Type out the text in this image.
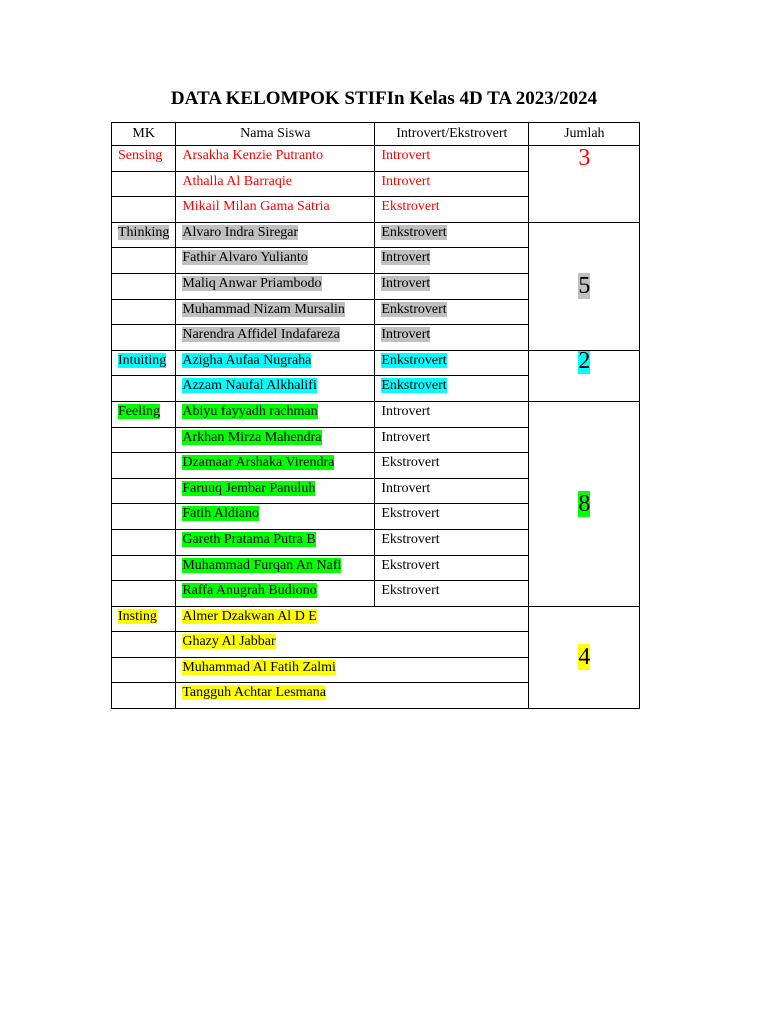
DATA KELOMPOK STIFIn Kelas 4D TA 2023/2024
MK	Nama Siswa	Introvert/Ekstrovert	Jumlah
Sensing	Arsakha Kenzie Putranto	Introvert	3
	Athalla Al Barraqie	Introvert	
	Mikail Milan Gama Satria	Ekstrovert	
Thinking	Alvaro Indra Siregar	Enkstrovert	5
	Fathir Alvaro Yulianto	Introvert	
	Maliq Anwar Priambodo	Introvert	
	Muhammad Nizam Mursalin	Enkstrovert	
	Narendra Affidel Indafareza	Introvert	
Intuiting	Azigha Aufaa Nugraha	Enkstrovert	2
	Azzam Naufal Alkhalifi	Enkstrovert	
Feeling	Abiyu fayyadh rachman	Introvert	8
	Arkhan Mirza Mahendra	Introvert	
	Dzamaar Arshaka Virendra	Ekstrovert	
	Faruuq Jembar Panuluh	Introvert	
	Fatih Aldiano	Ekstrovert	
	Gareth Pratama Putra B	Ekstrovert	
	Muhammad Furqan An Nafi	Ekstrovert	
	Raffa Anugrah Budiono	Ekstrovert	
Insting	Almer Dzakwan Al D E		4
	Ghazy Al Jabbar		
	Muhammad Al Fatih Zalmi		
	Tangguh Achtar Lesmana		
